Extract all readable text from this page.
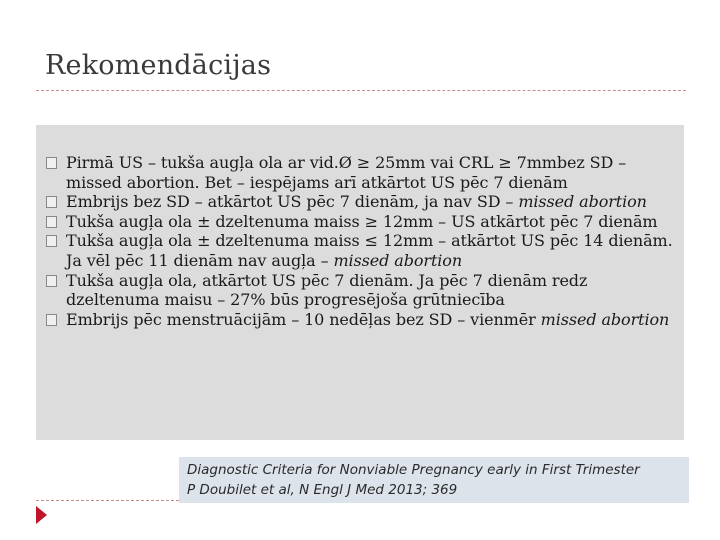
Rekomendācijas
Pirmā US – tukša augļa ola ar vid.Ø ≥ 25mm vai CRL ≥ 7mmbez SD – missed abortion. Bet – iespējams arī atkārtot US pēc 7 dienām
Embrijs bez SD – atkārtot US pēc 7 dienām, ja nav SD – missed abortion
Tukša augļa ola ± dzeltenuma maiss ≥ 12mm – US atkārtot pēc 7 dienām
Tukša augļa ola ± dzeltenuma maiss ≤ 12mm – atkārtot US pēc 14 dienām. Ja vēl pēc 11 dienām nav augļa – missed abortion
Tukša augļa ola, atkārtot US pēc 7 dienām. Ja pēc 7 dienām redz dzeltenuma maisu – 27% būs progresējoša grūtniecība
Embrijs pēc menstruācijām – 10 nedēļas bez SD – vienmēr missed abortion
Diagnostic Criteria for Nonviable Pregnancy early in First Trimester
P Doubilet et al, N Engl J Med 2013; 369
